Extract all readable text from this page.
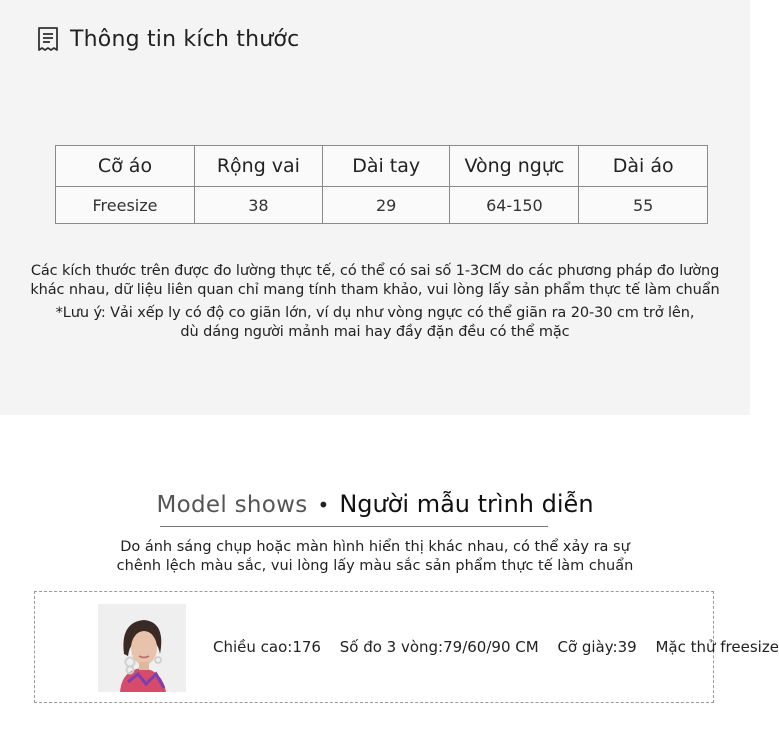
Thông tin kích thước
Cỡ áo	Rộng vai	Dài tay	Vòng ngực	Dài áo
Freesize	38	29	64-150	55

Các kích thước trên được đo lường thực tế, có thể có sai số 1-3CM do các phương pháp đo lường

khác nhau, dữ liệu liên quan chỉ mang tính tham khảo, vui lòng lấy sản phẩm thực tế làm chuẩn

*Lưu ý: Vải xếp ly có độ co giãn lớn, ví dụ như vòng ngực có thể giãn ra 20-30 cm trở lên,

dù dáng người mảnh mai hay đầy đặn đều có thể mặc

Model shows • Người mẫu trình diễn

Do ánh sáng chụp hoặc màn hình hiển thị khác nhau, có thể xảy ra sự

chênh lệch màu sắc, vui lòng lấy màu sắc sản phẩm thực tế làm chuẩn

Chiều cao:176 Số đo 3 vòng:79/60/90 CM Cỡ giày:39 Mặc thử freesize
